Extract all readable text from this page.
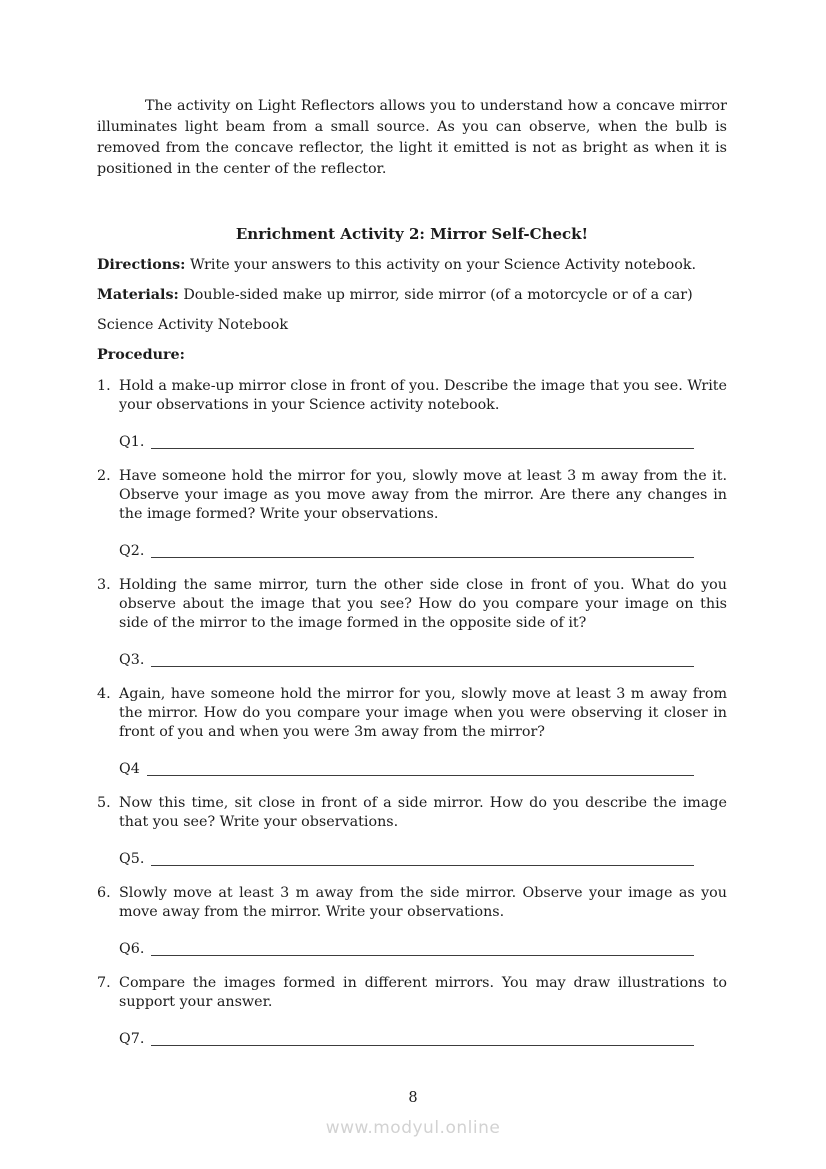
The activity on Light Reflectors allows you to understand how a concave mirror illuminates light beam from a small source. As you can observe, when the bulb is removed from the concave reflector, the light it emitted is not as bright as when it is positioned in the center of the reflector.

Enrichment Activity 2: Mirror Self-Check!

Directions: Write your answers to this activity on your Science Activity notebook.

Materials: Double-sided make up mirror, side mirror (of a motorcycle or of a car)

Science Activity Notebook

Procedure:

1. Hold a make-up mirror close in front of you. Describe the image that you see. Write your observations in your Science activity notebook.
Q1.
2. Have someone hold the mirror for you, slowly move at least 3 m away from the it. Observe your image as you move away from the mirror. Are there any changes in the image formed? Write your observations.
Q2.
3. Holding the same mirror, turn the other side close in front of you. What do you observe about the image that you see? How do you compare your image on this side of the mirror to the image formed in the opposite side of it?
Q3.
4. Again, have someone hold the mirror for you, slowly move at least 3 m away from the mirror. How do you compare your image when you were observing it closer in front of you and when you were 3m away from the mirror?
Q4
5. Now this time, sit close in front of a side mirror. How do you describe the image that you see? Write your observations.
Q5.
6. Slowly move at least 3 m away from the side mirror. Observe your image as you move away from the mirror. Write your observations.
Q6.
7. Compare the images formed in different mirrors. You may draw illustrations to support your answer.
Q7.
8
www.modyul.online
